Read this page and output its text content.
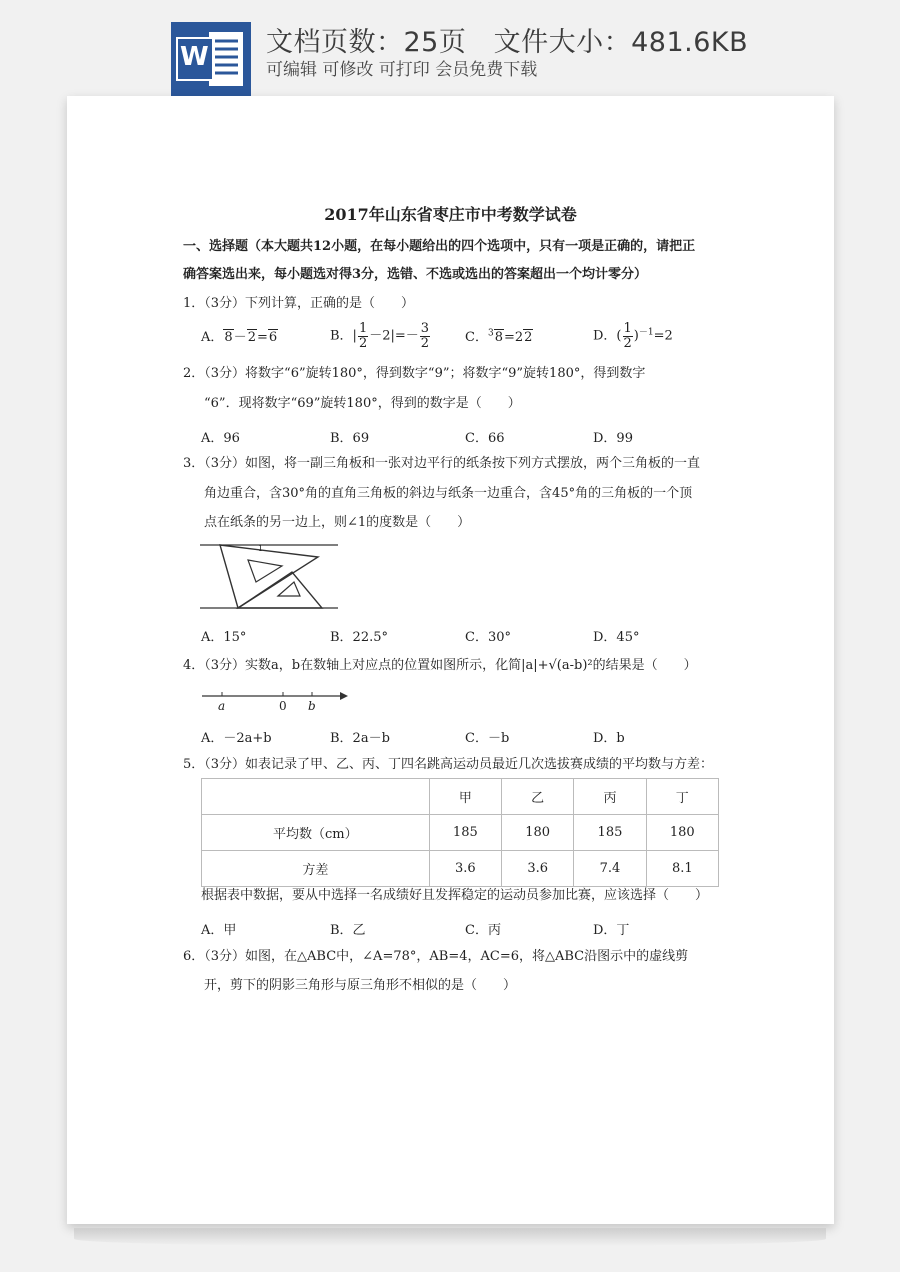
W 文档页数：25页   文件大小：481.6KB
可编辑 可修改 可打印 会员免费下载
2017年山东省枣庄市中考数学试卷
一、选择题（本大题共12小题，在每小题给出的四个选项中，只有一项是正确的，请把正
确答案选出来，每小题选对得3分，选错、不选或选出的答案超出一个均计零分）
1．（3分）下列计算，正确的是（　　）
A．8－2=6	B．| $\frac{1}{2} -2|=- \frac{3}{2}$	C．$^3$8=22	D．( $\frac{1}{2} )^{-1}=2$
2．（3分）将数字“6”旋转180°，得到数字“9”；将数字“9”旋转180°，得到数字
“6”．现将数字“69”旋转180°，得到的数字是（　　）
A．96	B．69	C．66	D．99
3．（3分）如图，将一副三角板和一张对边平行的纸条按下列方式摆放，两个三角板的一直
角边重合，含30°角的直角三角板的斜边与纸条一边重合，含45°角的三角板的一个顶
点在纸条的另一边上，则∠1的度数是（　　）
1
A．15°	B．22.5°	C．30°	D．45°
4．（3分）实数a，b在数轴上对应点的位置如图所示，化简|a|+√(a-b)²的结果是（　　）
a	0 b
A．－2a+b	B．2a－b	C．－b	D．b
5．（3分）如表记录了甲、乙、丙、丁四名跳高运动员最近几次选拔赛成绩的平均数与方差：
	甲	乙	丙	丁
平均数（cm）	185	180	185	180
方差	3.6	3.6	7.4	8.1
根据表中数据，要从中选择一名成绩好且发挥稳定的运动员参加比赛，应该选择（　　）
A．甲	B．乙	C．丙	D．丁
6．（3分）如图，在△ABC中，∠A=78°，AB=4，AC=6，将△ABC沿图示中的虚线剪
开，剪下的阴影三角形与原三角形不相似的是（　　）
